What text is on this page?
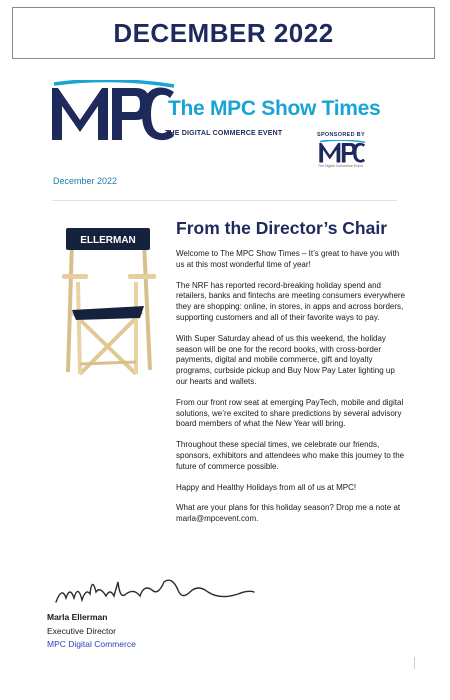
DECEMBER 2022
The MPC Show Times
THE DIGITAL COMMERCE EVENT	SPONSORED BY
The Digital Commerce Event
December 2022
ELLERMAN
From the Director’s Chair

Welcome to The MPC Show Times – It’s great to have you with us at this most wonderful time of year!

The NRF has reported record-breaking holiday spend and retailers, banks and fintechs are meeting consumers everywhere they are shopping: online, in stores, in apps and across borders, supporting customers and all of their favorite ways to pay.

With Super Saturday ahead of us this weekend, the holiday season will be one for the record books, with cross-border payments, digital and mobile commerce, gift and loyalty programs, curbside pickup and Buy Now Pay Later lighting up our hearts and wallets.

From our front row seat at emerging PayTech, mobile and digital solutions, we’re excited to share predictions by several advisory board members of what the New Year will bring.

Throughout these special times, we celebrate our friends, sponsors, exhibitors and attendees who make this journey to the future of commerce possible.

Happy and Healthy Holidays from all of us at MPC!

What are your plans for this holiday season? Drop me a note at marla@mpcevent.com.

Marla Ellerman
Executive Director
MPC Digital Commerce
